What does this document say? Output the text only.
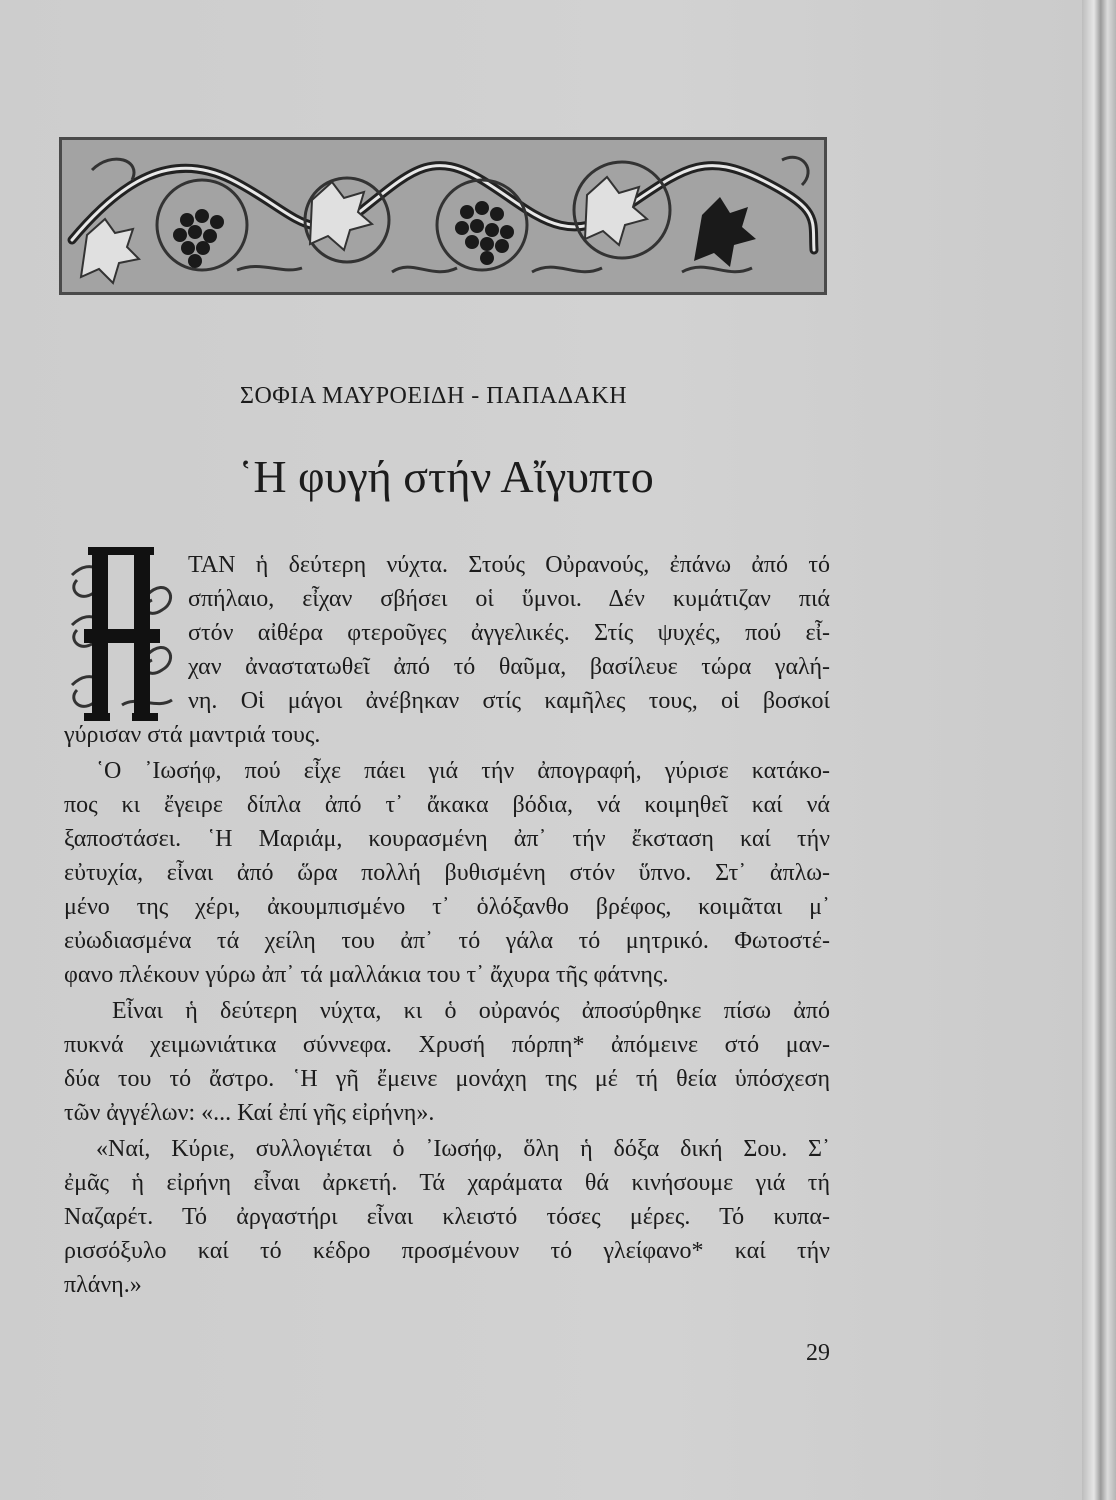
ΣΟΦΙΑ ΜΑΥΡΟΕΙΔΗ - ΠΑΠΑΔΑΚΗ
῾Η φυγή στήν Αἴγυπτο
Η
ΤΑΝ ἡ δεύτερη νύχτα. Στούς Οὐρανούς, ἐπάνω ἀπό τό
σπήλαιο, εἶχαν σβήσει οἱ ὕμνοι. Δέν κυμάτιζαν πιά
στόν αἰθέρα φτεροῦγες ἀγγελικές. Στίς ψυχές, πού εἶ-
χαν ἀναστατωθεῖ ἀπό τό θαῦμα, βασίλευε τώρα γαλή-
νη. Οἱ μάγοι ἀνέβηκαν στίς καμῆλες τους, οἱ βοσκοί
γύρισαν στά μαντριά τους.
῾Ο ᾿Ιωσήφ, πού εἶχε πάει γιά τήν ἀπογραφή, γύρισε κατάκο-
πος κι ἔγειρε δίπλα ἀπό τ᾿ ἄκακα βόδια, νά κοιμηθεῖ καί νά
ξαποστάσει. ῾Η Μαριάμ, κουρασμένη ἀπ᾿ τήν ἔκσταση καί τήν
εὐτυχία, εἶναι ἀπό ὥρα πολλή βυθισμένη στόν ὕπνο. Στ᾿ ἀπλω-
μένο της χέρι, ἀκουμπισμένο τ᾿ ὁλόξανθο βρέφος, κοιμᾶται μ᾿
εὐωδιασμένα τά χείλη του ἀπ᾿ τό γάλα τό μητρικό. Φωτοστέ-
φανο πλέκουν γύρω ἀπ᾿ τά μαλλάκια του τ᾿ ἄχυρα τῆς φάτνης.
Εἶναι ἡ δεύτερη νύχτα, κι ὁ οὐρανός ἀποσύρθηκε πίσω ἀπό
πυκνά χειμωνιάτικα σύννεφα. Χρυσή πόρπη* ἀπόμεινε στό μαν-
δύα του τό ἄστρο. ῾Η γῆ ἔμεινε μονάχη της μέ τή θεία ὑπόσχεση
τῶν ἀγγέλων: «... Καί ἐπί γῆς εἰρήνη».
«Ναί, Κύριε, συλλογιέται ὁ ᾿Ιωσήφ, ὅλη ἡ δόξα δική Σου. Σ᾿
ἐμᾶς ἡ εἰρήνη εἶναι ἀρκετή. Τά χαράματα θά κινήσουμε γιά τή
Ναζαρέτ. Τό ἀργαστήρι εἶναι κλειστό τόσες μέρες. Τό κυπα-
ρισσόξυλο καί τό κέδρο προσμένουν τό γλείφανο* καί τήν
πλάνη.»
29
